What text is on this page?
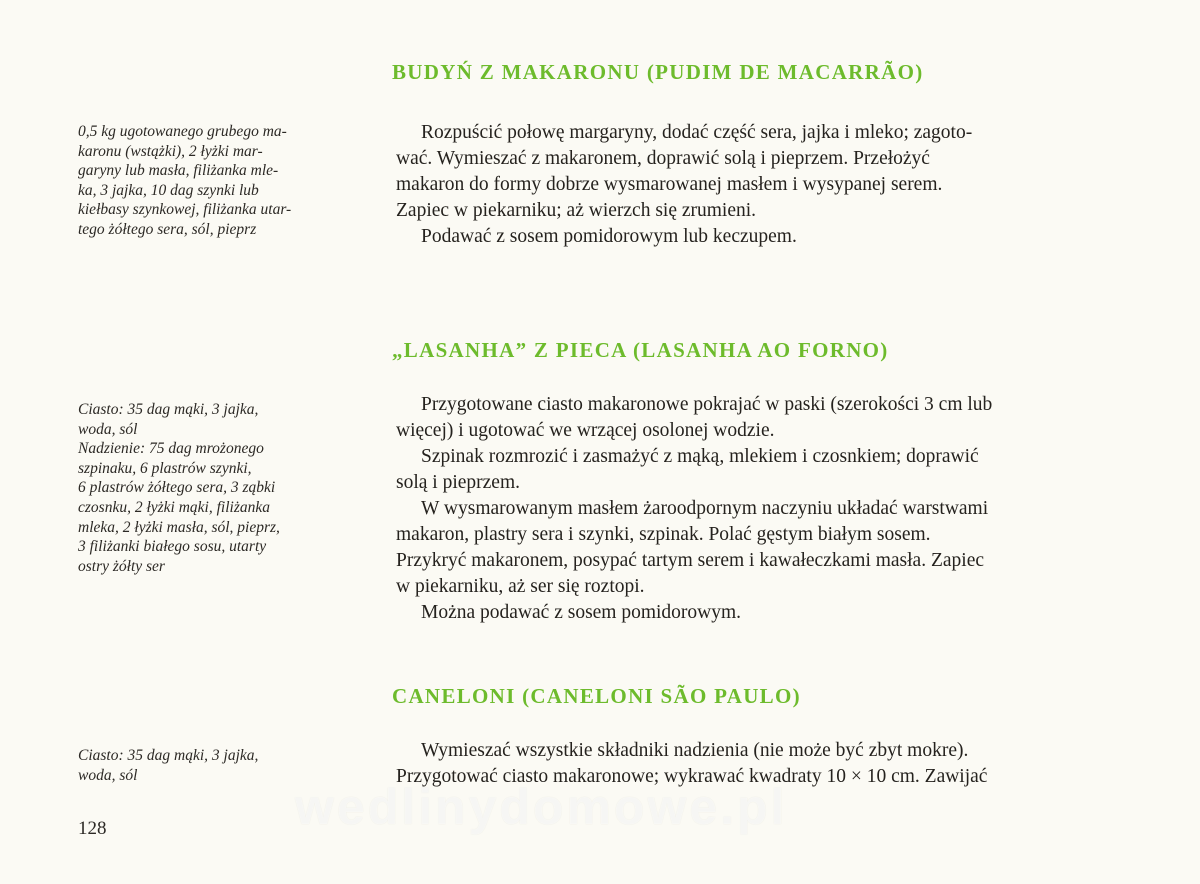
BUDYŃ Z MAKARONU (PUDIM DE MACARRÃO)
0,5 kg ugotowanego grubego ma-
karonu (wstążki), 2 łyżki mar-
garyny lub masła, filiżanka mle-
ka, 3 jajka, 10 dag szynki lub
kiełbasy szynkowej, filiżanka utar-
tego żółtego sera, sól, pieprz
Rozpuścić połowę margaryny, dodać część sera, jajka i mleko; zagoto-
wać. Wymieszać z makaronem, doprawić solą i pieprzem. Przełożyć
makaron do formy dobrze wysmarowanej masłem i wysypanej serem.
Zapiec w piekarniku; aż wierzch się zrumieni.
Podawać z sosem pomidorowym lub keczupem.
„LASANHA” Z PIECA (LASANHA AO FORNO)
Ciasto: 35 dag mąki, 3 jajka,
woda, sól
Nadzienie: 75 dag mrożonego
szpinaku, 6 plastrów szynki,
6 plastrów żółtego sera, 3 ząbki
czosnku, 2 łyżki mąki, filiżanka
mleka, 2 łyżki masła, sól, pieprz,
3 filiżanki białego sosu, utarty
ostry żółty ser
Przygotowane ciasto makaronowe pokrajać w paski (szerokości 3 cm lub
więcej) i ugotować we wrzącej osolonej wodzie.
Szpinak rozmrozić i zasmażyć z mąką, mlekiem i czosnkiem; doprawić
solą i pieprzem.
W wysmarowanym masłem żaroodpornym naczyniu układać warstwami
makaron, plastry sera i szynki, szpinak. Polać gęstym białym sosem.
Przykryć makaronem, posypać tartym serem i kawałeczkami masła. Zapiec
w piekarniku, aż ser się roztopi.
Można podawać z sosem pomidorowym.
CANELONI (CANELONI SÃO PAULO)
Ciasto: 35 dag mąki, 3 jajka,
woda, sól
Wymieszać wszystkie składniki nadzienia (nie może być zbyt mokre).
Przygotować ciasto makaronowe; wykrawać kwadraty 10 × 10 cm. Zawijać
wedlinydomowe.pl
128
